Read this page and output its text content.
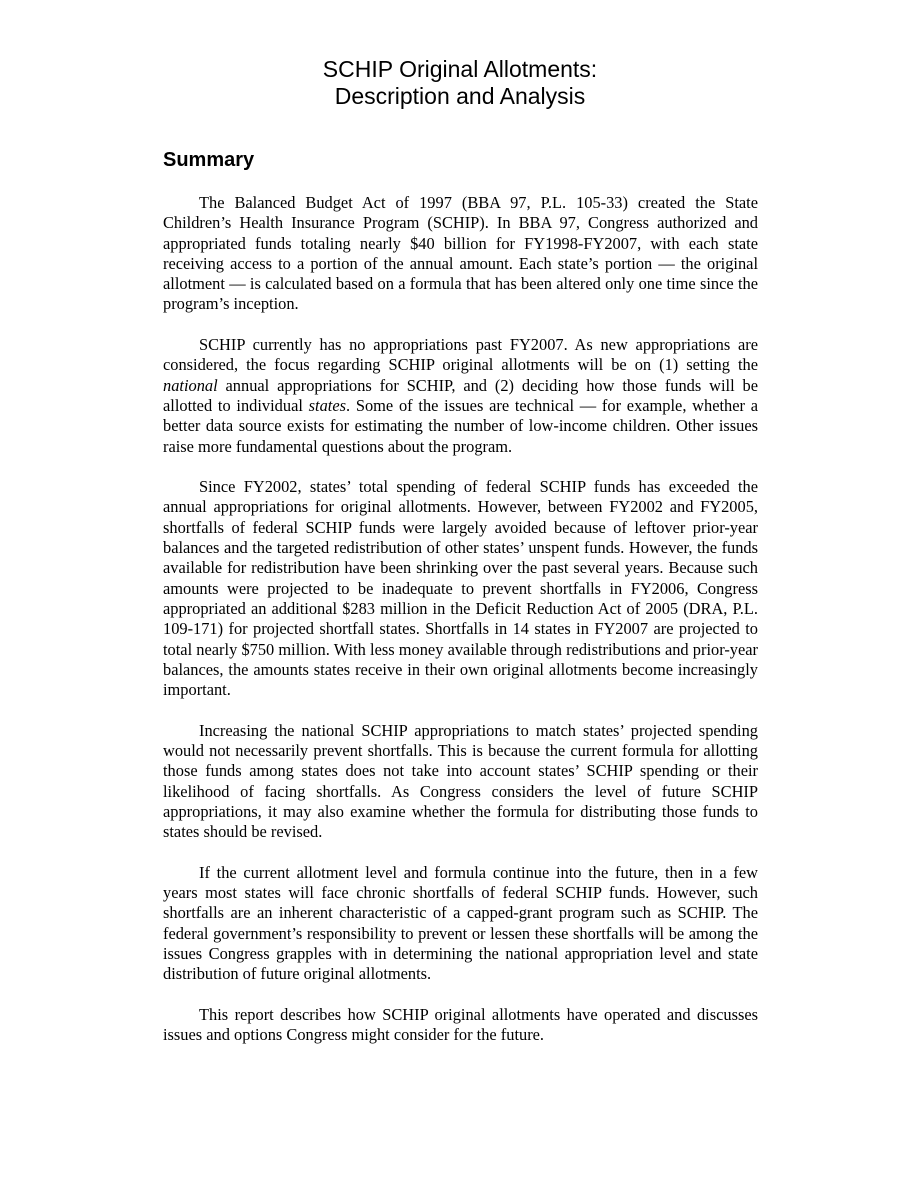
SCHIP Original Allotments:
Description and Analysis
Summary

The Balanced Budget Act of 1997 (BBA 97, P.L. 105-33) created the State Children’s Health Insurance Program (SCHIP). In BBA 97, Congress authorized and appropriated funds totaling nearly $40 billion for FY1998-FY2007, with each state receiving access to a portion of the annual amount. Each state’s portion — the original allotment — is calculated based on a formula that has been altered only one time since the program’s inception.

SCHIP currently has no appropriations past FY2007. As new appropriations are considered, the focus regarding SCHIP original allotments will be on (1) setting the national annual appropriations for SCHIP, and (2) deciding how those funds will be allotted to individual states. Some of the issues are technical — for example, whether a better data source exists for estimating the number of low-income children. Other issues raise more fundamental questions about the program.

Since FY2002, states’ total spending of federal SCHIP funds has exceeded the annual appropriations for original allotments. However, between FY2002 and FY2005, shortfalls of federal SCHIP funds were largely avoided because of leftover prior-year balances and the targeted redistribution of other states’ unspent funds. However, the funds available for redistribution have been shrinking over the past several years. Because such amounts were projected to be inadequate to prevent shortfalls in FY2006, Congress appropriated an additional $283 million in the Deficit Reduction Act of 2005 (DRA, P.L. 109-171) for projected shortfall states. Shortfalls in 14 states in FY2007 are projected to total nearly $750 million. With less money available through redistributions and prior-year balances, the amounts states receive in their own original allotments become increasingly important.

Increasing the national SCHIP appropriations to match states’ projected spending would not necessarily prevent shortfalls. This is because the current formula for allotting those funds among states does not take into account states’ SCHIP spending or their likelihood of facing shortfalls. As Congress considers the level of future SCHIP appropriations, it may also examine whether the formula for distributing those funds to states should be revised.

If the current allotment level and formula continue into the future, then in a few years most states will face chronic shortfalls of federal SCHIP funds. However, such shortfalls are an inherent characteristic of a capped-grant program such as SCHIP. The federal government’s responsibility to prevent or lessen these shortfalls will be among the issues Congress grapples with in determining the national appropriation level and state distribution of future original allotments.

This report describes how SCHIP original allotments have operated and discusses issues and options Congress might consider for the future.
